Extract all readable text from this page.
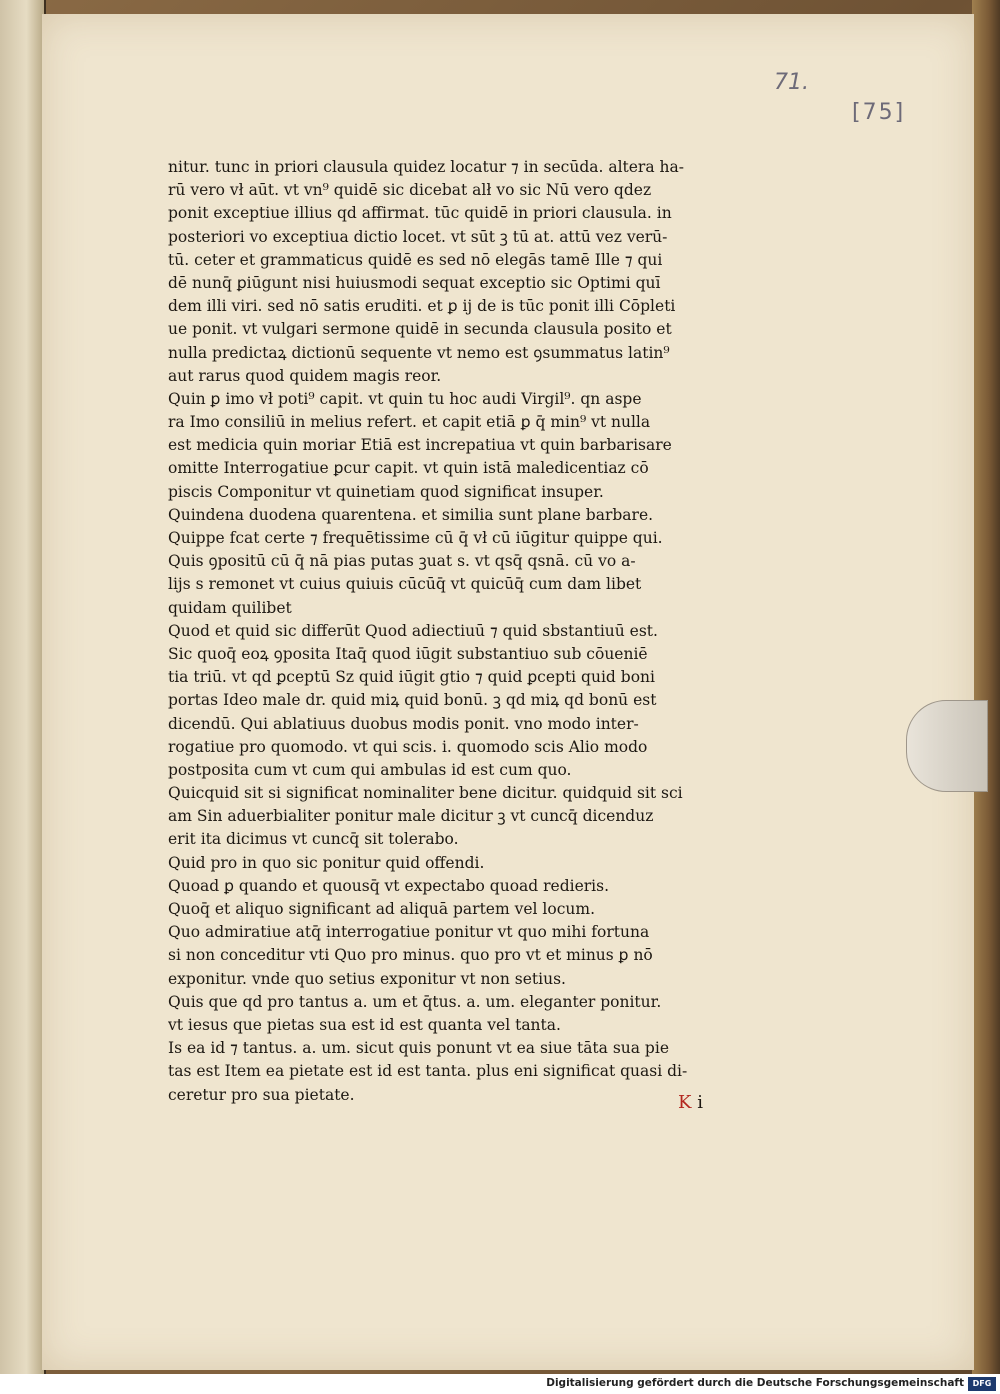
71.
[75]
nitur. tunc in priori clausula quidez locatur ⁊ in secūda. altera ha-
rū vero vł aūt. vt vn⁹ quidē sic dicebat alł vo sic Nū vero qdez
ponit exceptiue illius qd affirmat. tūc quidē in priori clausula. in
posteriori vo exceptiua dictio locet. vt sūt ꝫ tū at. attū vez verū-
tū. ceter et grammaticus quidē es sed nō elegās tamē Ille ⁊ qui
dē nunq̄ ꝑiūgunt nisi huiusmodi sequat exceptio sic Optimi quī
dem illi viri. sed nō satis eruditi. et ꝑ ij de is tūc ponit illi Cōpleti
ue ponit. vt vulgari sermone quidē in secunda clausula posito et
nulla predictaꝝ dictionū sequente vt nemo est ꝯsummatus latin⁹
aut rarus quod quidem magis reor.
Quin ꝑ imo vł poti⁹ capit. vt quin tu hoc audi Virgil⁹. qn aspe
ra Imo consiliū in melius refert. et capit etiā ꝑ q̄ min⁹ vt nulla
est medicia quin moriar Etiā est increpatiua vt quin barbarisare
omitte Interrogatiue ꝑcur capit. vt quin istā maledicentiaz cō
piscis Componitur vt quinetiam quod significat insuper.
Quindena duodena quarentena. et similia sunt plane barbare.
Quippe fcat certe ⁊ frequētissime cū q̄ vł cū iūgitur quippe qui.
Quis ꝯpositū cū q̄ nā pias putas ꝫuat s. vt qsq̄ qsnā. cū vo a-
lijs s remonet vt cuius quiuis cūcūq̄ vt quicūq̄ cum dam libet
quidam quilibet
Quod et quid sic differūt Quod adiectiuū ⁊ quid sbstantiuū est.
Sic quoq̄ eoꝝ ꝯposita Itaq̄ quod iūgit substantiuo sub cōueniē
tia triū. vt qd ꝑceptū Sz quid iūgit gtio ⁊ quid ꝑcepti quid boni
portas Ideo male dr. quid miꝝ quid bonū. ꝫ qd miꝝ qd bonū est
dicendū. Qui ablatiuus duobus modis ponit. vno modo inter-
rogatiue pro quomodo. vt qui scis. i. quomodo scis Alio modo
postposita cum vt cum qui ambulas id est cum quo.
Quicquid sit si significat nominaliter bene dicitur. quidquid sit sci
am Sin aduerbialiter ponitur male dicitur ꝫ vt cuncq̄ dicenduz
erit ita dicimus vt cuncq̄ sit tolerabo.
Quid pro in quo sic ponitur quid offendi.
Quoad ꝑ quando et quousq̄ vt expectabo quoad redieris.
Quoq̄ et aliquo significant ad aliquā partem vel locum.
Quo admiratiue atq̄ interrogatiue ponitur vt quo mihi fortuna
si non conceditur vti Quo pro minus. quo pro vt et minus ꝑ nō
exponitur. vnde quo setius exponitur vt non setius.
Quis que qd pro tantus a. um et q̄tus. a. um. eleganter ponitur.
vt iesus que pietas sua est id est quanta vel tanta.
Is ea id ⁊ tantus. a. um. sicut quis ponunt vt ea siue tāta sua pie
tas est Item ea pietate est id est tanta. plus eni significat quasi di-
ceretur pro sua pietate.	K i
Digitalisierung gefördert durch die Deutsche Forschungsgemeinschaft	DFG
